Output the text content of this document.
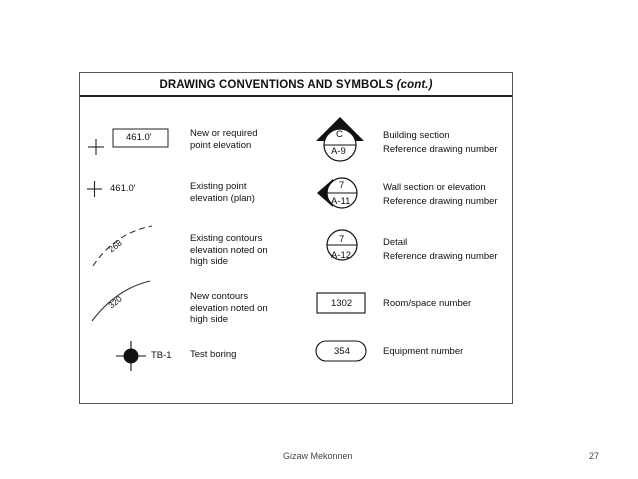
DRAWING CONVENTIONS AND SYMBOLS (cont.)
461.0'
461.0'
268
320
TB-1
New or required
point elevation
Existing point
elevation (plan)
Existing contours
elevation noted on
high side
New contours
elevation noted on
high side
Test boring
C
A-9
7
A-11
7
A-12
1302
354
Building section
Reference drawing number
Wall section or elevation
Reference drawing number
Detail
Reference drawing number
Room/space number
Equipment number
Gizaw Mekonnen	27
